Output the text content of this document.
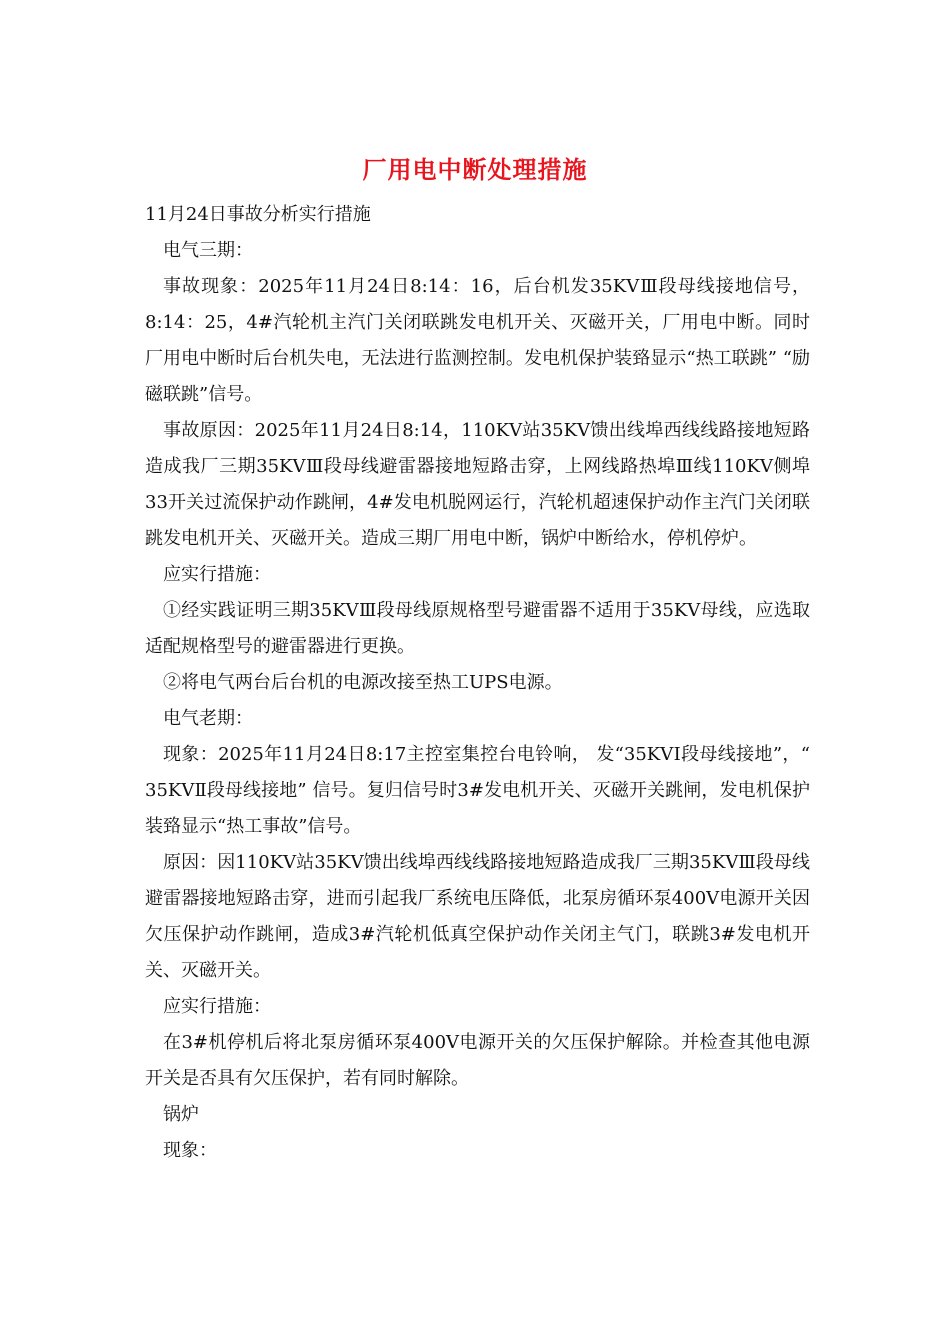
厂用电中断处理措施

11月24日事故分析实行措施

电气三期：

事故现象：2025年11月24日8:14：16，后台机发35KVⅢ段母线接地信号，8:14：25，4#汽轮机主汽门关闭联跳发电机开关、灭磁开关，厂用电中断。同时厂用电中断时后台机失电，无法进行监测控制。发电机保护装臵显示“热工联跳” “励磁联跳”信号。

事故原因：2025年11月24日8:14，110KV站35KV馈出线埠西线线路接地短路造成我厂三期35KVⅢ段母线避雷器接地短路击穿，上网线路热埠Ⅲ线110KV侧埠33开关过流保护动作跳闸，4#发电机脱网运行，汽轮机超速保护动作主汽门关闭联跳发电机开关、灭磁开关。造成三期厂用电中断，锅炉中断给水，停机停炉。

应实行措施：

①经实践证明三期35KVⅢ段母线原规格型号避雷器不适用于35KV母线，应选取适配规格型号的避雷器进行更换。

②将电气两台后台机的电源改接至热工UPS电源。

电气老期：

现象：2025年11月24日8:17主控室集控台电铃响， 发“35KVⅠ段母线接地”，“ 35KVⅡ段母线接地” 信号。复归信号时3#发电机开关、灭磁开关跳闸，发电机保护装臵显示“热工事故”信号。

原因：因110KV站35KV馈出线埠西线线路接地短路造成我厂三期35KVⅢ段母线避雷器接地短路击穿，进而引起我厂系统电压降低，北泵房循环泵400V电源开关因欠压保护动作跳闸，造成3#汽轮机低真空保护动作关闭主气门，联跳3#发电机开关、灭磁开关。

应实行措施：

在3#机停机后将北泵房循环泵400V电源开关的欠压保护解除。并检查其他电源开关是否具有欠压保护，若有同时解除。

锅炉

现象：
